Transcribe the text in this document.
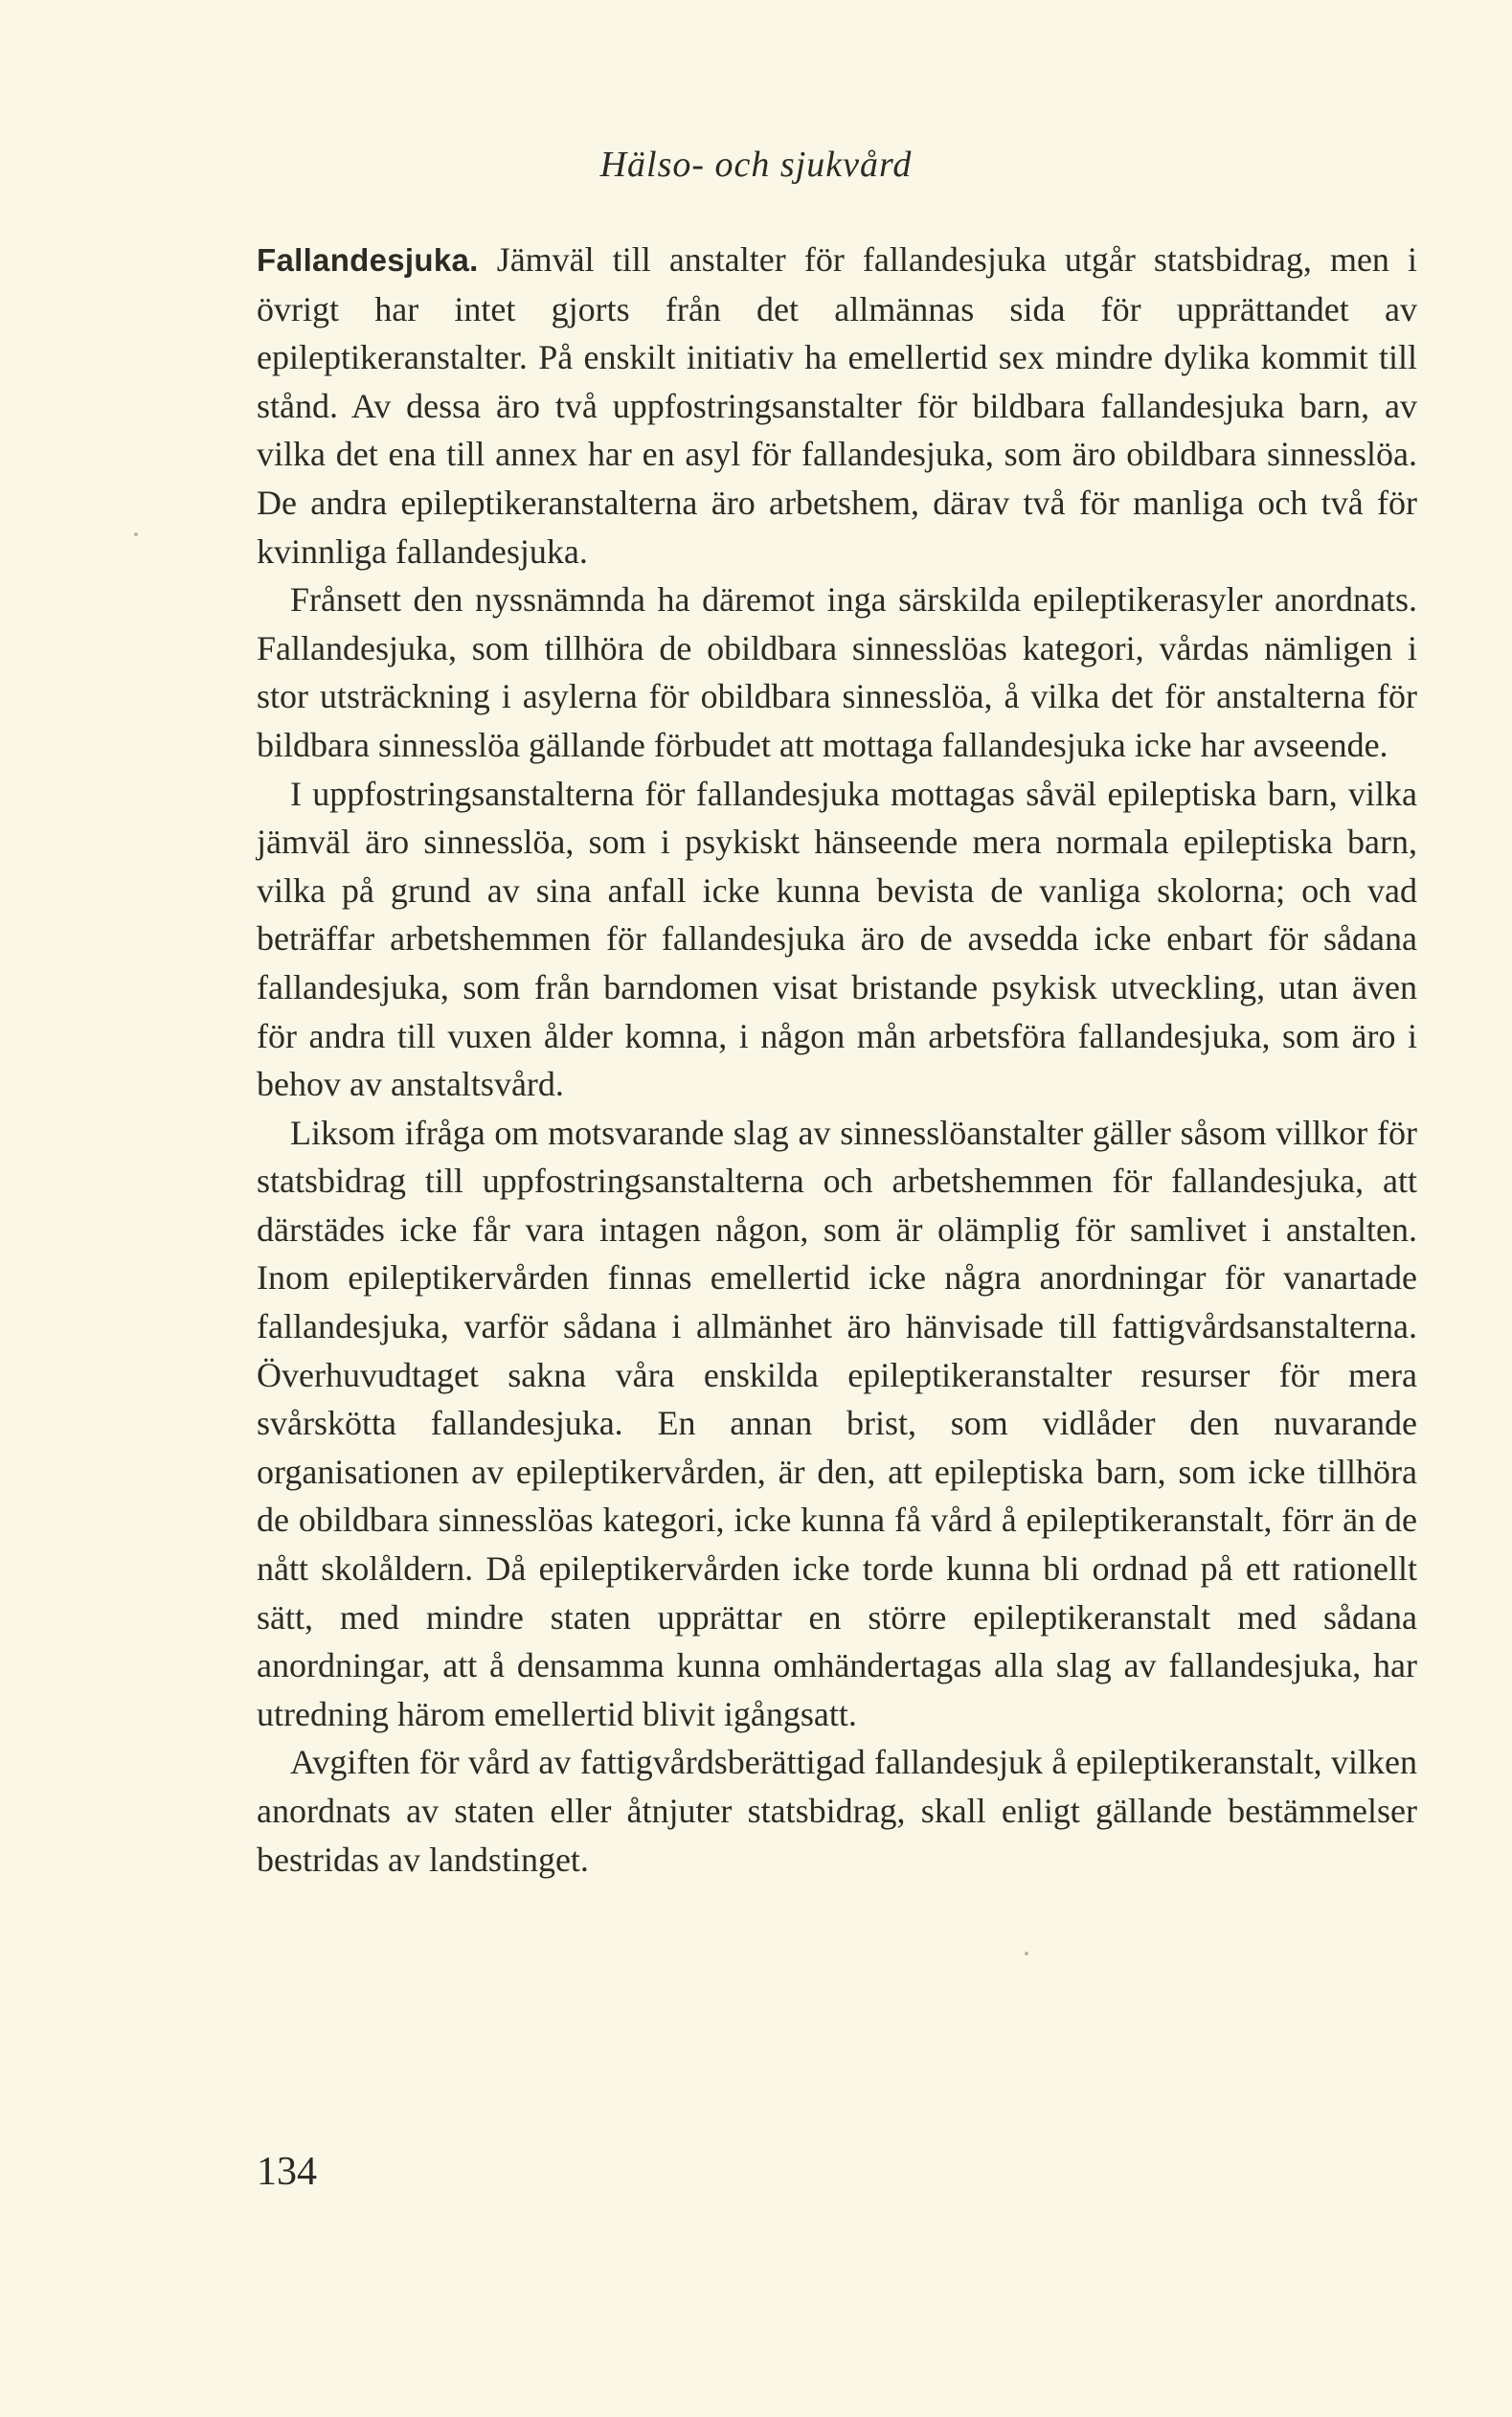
Hälso- och sjukvård

Fallandesjuka. Jämväl till anstalter för fallandesjuka utgår statsbidrag, men i övrigt har intet gjorts från det allmännas sida för upprättandet av epileptikeranstalter. På enskilt initiativ ha emellertid sex mindre dylika kommit till stånd. Av dessa äro två uppfostringsanstalter för bildbara fallandesjuka barn, av vilka det ena till annex har en asyl för fallandesjuka, som äro obildbara sinnesslöa. De andra epileptikeranstalterna äro arbetshem, därav två för manliga och två för kvinnliga fallandesjuka.

Frånsett den nyssnämnda ha däremot inga särskilda epileptikerasyler anordnats. Fallandesjuka, som tillhöra de obildbara sinnesslöas kategori, vårdas nämligen i stor utsträckning i asylerna för obildbara sinnesslöa, å vilka det för anstalterna för bildbara sinnesslöa gällande förbudet att mottaga fallandesjuka icke har avseende.

I uppfostringsanstalterna för fallandesjuka mottagas såväl epileptiska barn, vilka jämväl äro sinnesslöa, som i psykiskt hänseende mera normala epileptiska barn, vilka på grund av sina anfall icke kunna bevista de vanliga skolorna; och vad beträffar arbetshemmen för fallandesjuka äro de avsedda icke enbart för sådana fallandesjuka, som från barndomen visat bristande psykisk utveckling, utan även för andra till vuxen ålder komna, i någon mån arbetsföra fallandesjuka, som äro i behov av anstaltsvård.

Liksom ifråga om motsvarande slag av sinnesslöanstalter gäller såsom villkor för statsbidrag till uppfostringsanstalterna och arbetshemmen för fallandesjuka, att därstädes icke får vara intagen någon, som är olämplig för samlivet i anstalten. Inom epileptikervården finnas emellertid icke några anordningar för vanartade fallandesjuka, varför sådana i allmänhet äro hänvisade till fattigvårdsanstalterna. Överhuvudtaget sakna våra enskilda epileptikeranstalter resurser för mera svårskötta fallandesjuka. En annan brist, som vidlåder den nuvarande organisationen av epileptikervården, är den, att epileptiska barn, som icke tillhöra de obildbara sinnesslöas kategori, icke kunna få vård å epileptikeranstalt, förr än de nått skolåldern. Då epileptikervården icke torde kunna bli ordnad på ett rationellt sätt, med mindre staten upprättar en större epileptikeranstalt med sådana anordningar, att å densamma kunna omhändertagas alla slag av fallandesjuka, har utredning härom emellertid blivit igångsatt.

Avgiften för vård av fattigvårdsberättigad fallandesjuk å epileptikeranstalt, vilken anordnats av staten eller åtnjuter statsbidrag, skall enligt gällande bestämmelser bestridas av landstinget.

134
